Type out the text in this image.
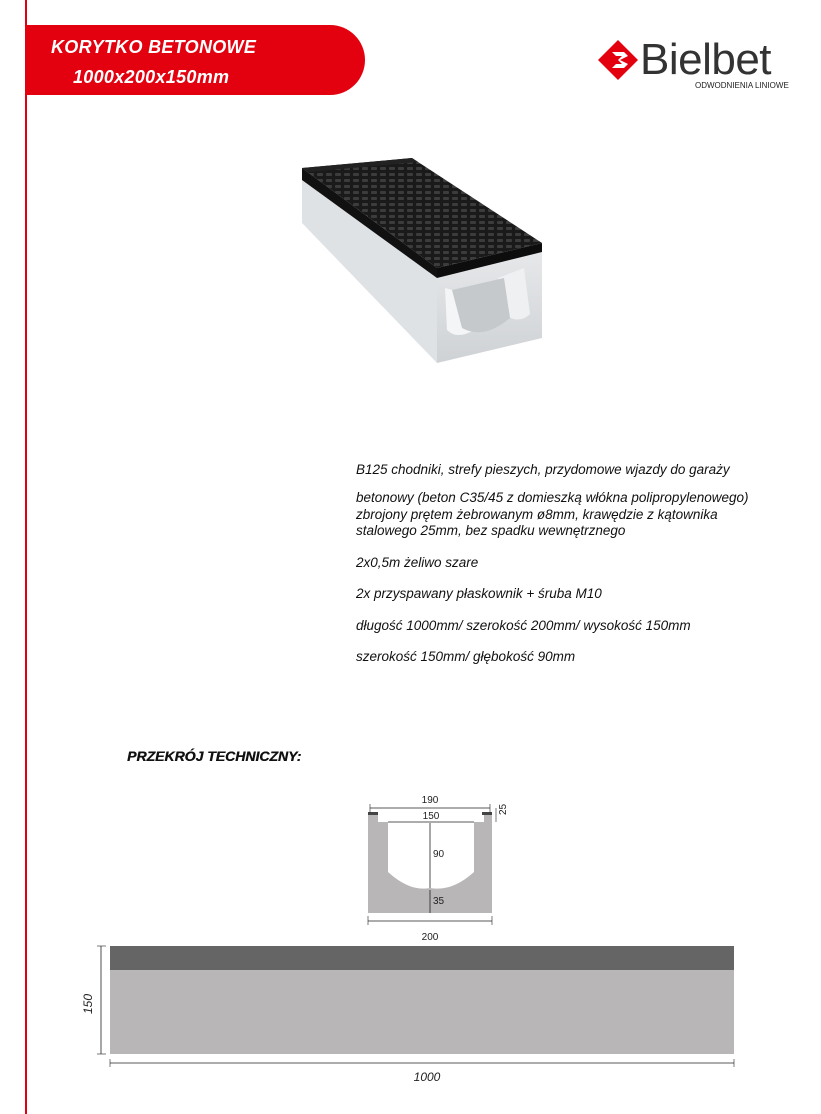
KORYTKO BETONOWE
1000x200x150mm	Bielbet
ODWODNIENIA LINIOWE
B125 chodniki, strefy pieszych, przydomowe wjazdy do garaży
betonowy (beton C35/45 z domieszką włókna polipropylenowego)
zbrojony prętem żebrowanym ø8mm, krawędzie z kątownika
stalowego 25mm, bez spadku wewnętrznego
2x0,5m żeliwo szare
2x przyspawany płaskownik + śruba M10
długość 1000mm/ szerokość 200mm/ wysokość 150mm
szerokość 150mm/ głębokość 90mm
PRZEKRÓJ TECHNICZNY:
190
150
25
90
35
200
150
1000
